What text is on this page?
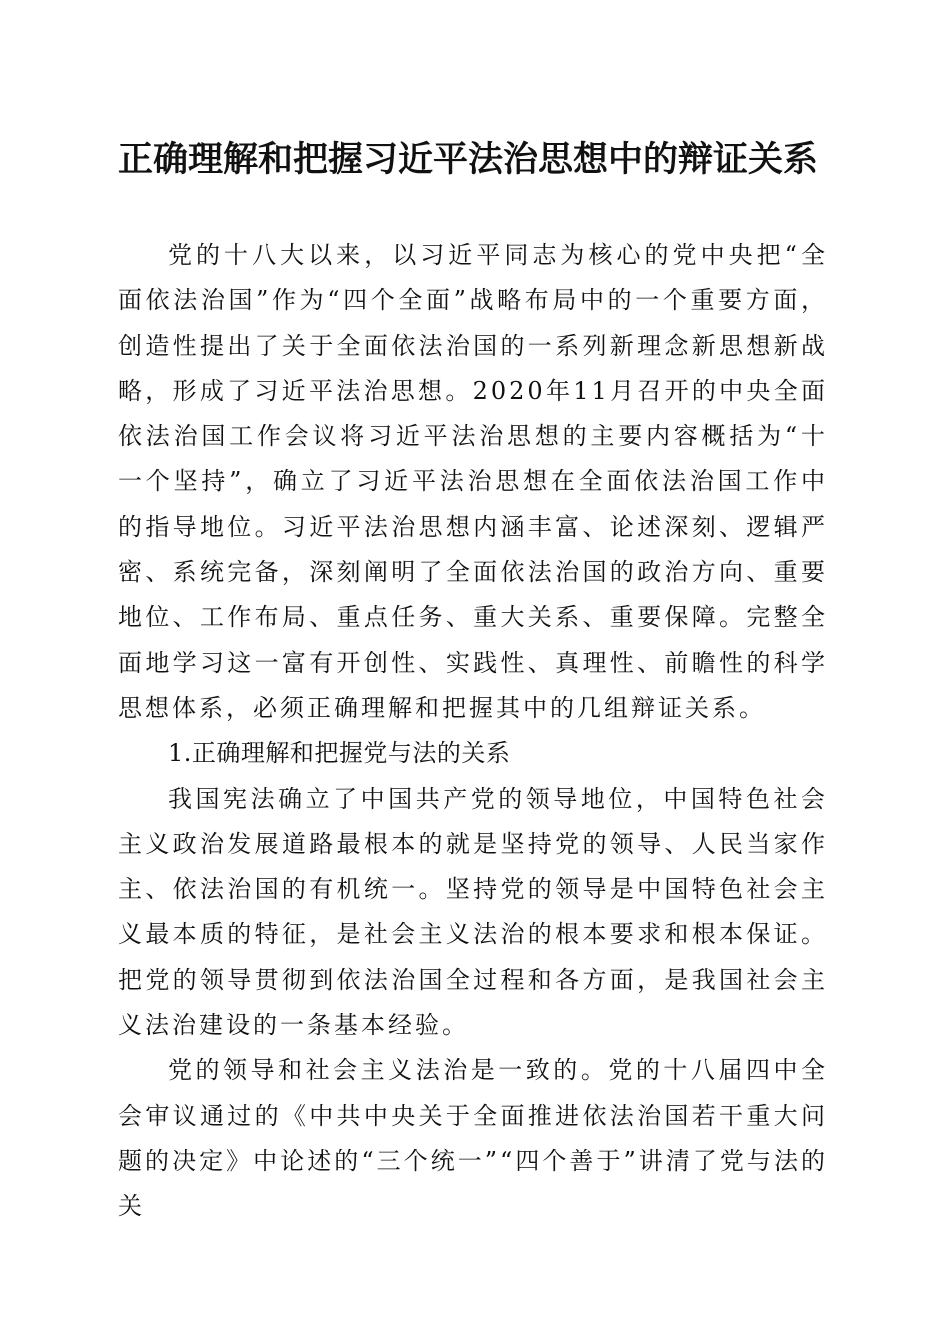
正确理解和把握习近平法治思想中的辩证关系

党的十八大以来，以习近平同志为核心的党中央把“全面依法治国”作为“四个全面”战略布局中的一个重要方面，创造性提出了关于全面依法治国的一系列新理念新思想新战略，形成了习近平法治思想。2020年11月召开的中央全面依法治国工作会议将习近平法治思想的主要内容概括为“十一个坚持”，确立了习近平法治思想在全面依法治国工作中的指导地位。习近平法治思想内涵丰富、论述深刻、逻辑严密、系统完备，深刻阐明了全面依法治国的政治方向、重要地位、工作布局、重点任务、重大关系、重要保障。完整全面地学习这一富有开创性、实践性、真理性、前瞻性的科学思想体系，必须正确理解和把握其中的几组辩证关系。

1.正确理解和把握党与法的关系

我国宪法确立了中国共产党的领导地位，中国特色社会主义政治发展道路最根本的就是坚持党的领导、人民当家作主、依法治国的有机统一。坚持党的领导是中国特色社会主义最本质的特征，是社会主义法治的根本要求和根本保证。把党的领导贯彻到依法治国全过程和各方面，是我国社会主义法治建设的一条基本经验。

党的领导和社会主义法治是一致的。党的十八届四中全会审议通过的《中共中央关于全面推进依法治国若干重大问题的决定》中论述的“三个统一”“四个善于”讲清了党与法的关
